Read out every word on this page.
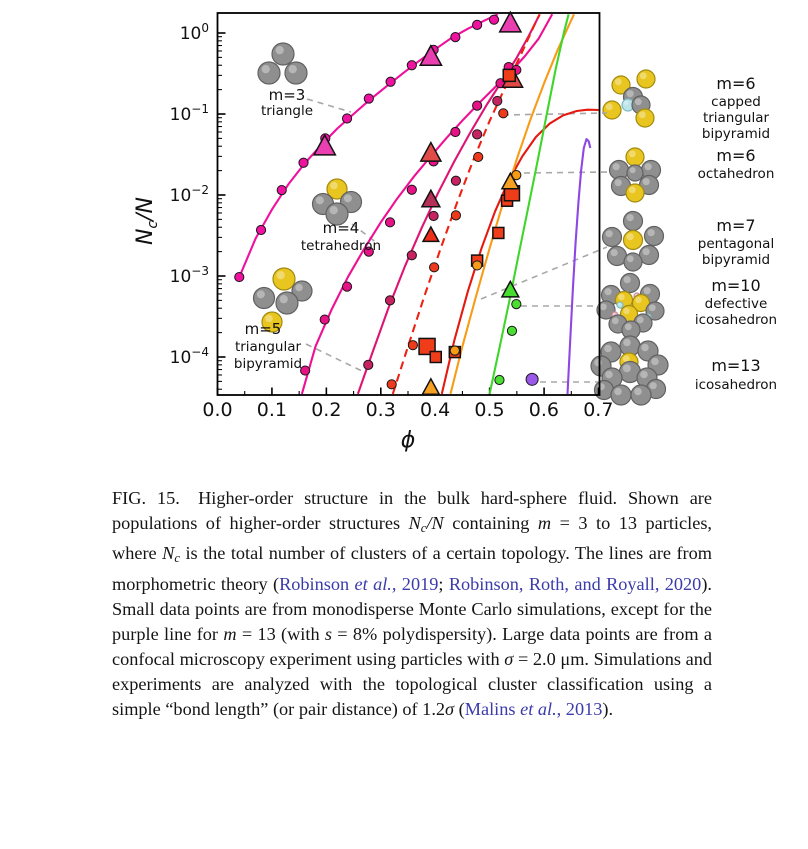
$10^0$
$10^{-1}$
$10^{-2}$
$10^{-3}$
$10^{-4}$
0.0 0.1 0.2 0.3 0.4 0.5 0.6 0.7
ϕ
$N_c/N$
m=3
triangle
m=4
tetrahedron
m=5
triangular
bipyramid
m=6
capped
triangular
bipyramid
m=6
octahedron
m=7
pentagonal
bipyramid
m=10
defective
icosahedron
m=13
icosahedron
FIG. 15.  Higher-order structure in the bulk hard-sphere fluid. Shown are populations of higher-order structures $N_c/N$ containing m = 3 to 13 particles, where $N_c$ is the total number of clusters of a certain topology. The lines are from morphometric theory (Robinson et al., 2019; Robinson, Roth, and Royall, 2020). Small data points are from monodisperse Monte Carlo simulations, except for the purple line for m = 13 (with s = 8% polydispersity). Large data points are from a confocal microscopy experiment using particles with σ = 2.0 μm. Simulations and experiments are analyzed with the topological cluster classification using a simple “bond length” (or pair distance) of 1.2σ (Malins et al., 2013).
